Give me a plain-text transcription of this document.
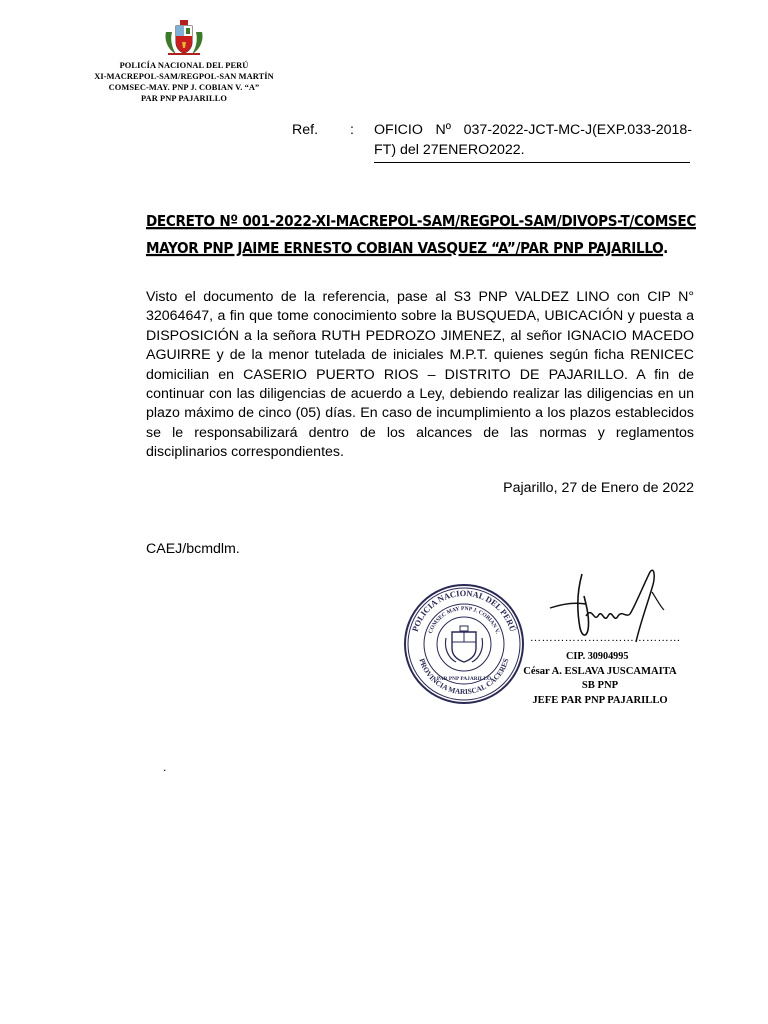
POLICÍA NACIONAL DEL PERÚ
XI-MACREPOL-SAM/REGPOL-SAN MARTÍN
COMSEC-MAY. PNP J. COBIAN V. “A”
PAR PNP PAJARILLO
Ref. : OFICIO Nº 037-2022-JCT-MC-J(EXP.033-2018-FT) del 27ENERO2022.
DECRETO Nº 001-2022-XI-MACREPOL-SAM/REGPOL-SAM/DIVOPS-T/COMSEC MAYOR PNP JAIME ERNESTO COBIAN VASQUEZ “A”/PAR PNP PAJARILLO.
Visto el documento de la referencia, pase al S3 PNP VALDEZ LINO con CIP N° 32064647, a fin que tome conocimiento sobre la BUSQUEDA, UBICACIÓN y puesta a DISPOSICIÓN a la señora RUTH PEDROZO JIMENEZ, al señor IGNACIO MACEDO AGUIRRE y de la menor tutelada de iniciales M.P.T. quienes según ficha RENICEC domicilian en CASERIO PUERTO RIOS – DISTRITO DE PAJARILLO. A fin de continuar con las diligencias de acuerdo a Ley, debiendo realizar las diligencias en un plazo máximo de cinco (05) días. En caso de incumplimiento a los plazos establecidos se le responsabilizará dentro de los alcances de las normas y reglamentos disciplinarios correspondientes.
Pajarillo, 27 de Enero de 2022
CAEJ/bcmdlm.
POLICIA NACIONAL DEL PERÚ
PROVINCIA MARISCAL CACERES
COMSEC MAY PNP J. COBIAN V.
PAR PNP PAJARILLO
…………………………………
CIP. 30904995
César A. ESLAVA JUSCAMAITA
SB PNP
JEFE PAR PNP PAJARILLO
.
